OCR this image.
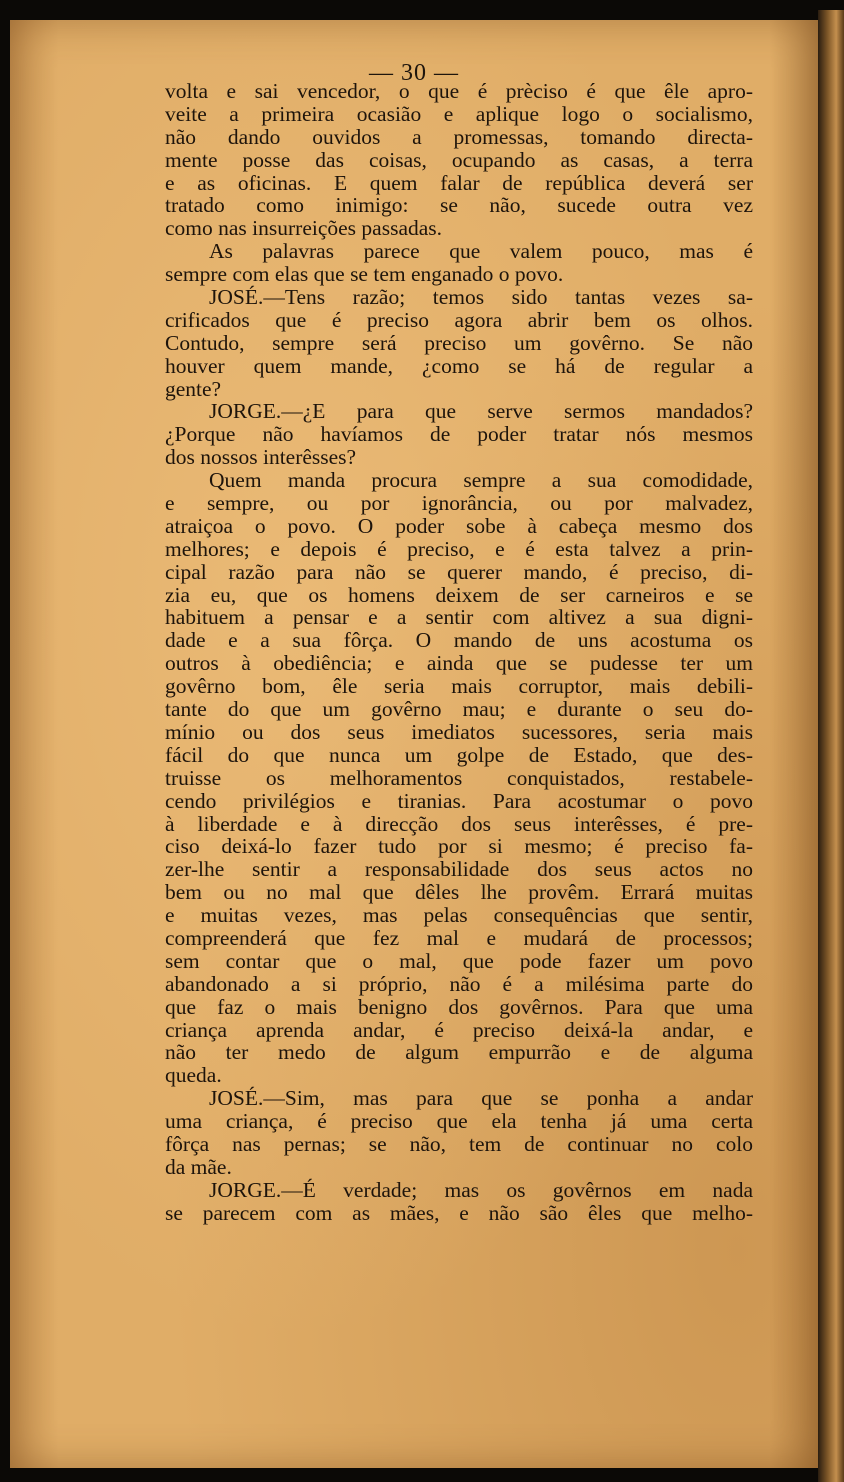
— 30 —
volta e sai vencedor, o que é prèciso é que êle apro-
veite a primeira ocasião e aplique logo o socialismo,
não dando ouvidos a promessas, tomando directa-
mente posse das coisas, ocupando as casas, a terra
e as oficinas. E quem falar de república deverá ser
tratado como inimigo: se não, sucede outra vez
como nas insurreições passadas.
As palavras parece que valem pouco, mas é
sempre com elas que se tem enganado o povo.
JOSÉ.—Tens razão; temos sido tantas vezes sa-
crificados que é preciso agora abrir bem os olhos.
Contudo, sempre será preciso um govêrno. Se não
houver quem mande, ¿como se há de regular a
gente?
JORGE.—¿E para que serve sermos mandados?
¿Porque não havíamos de poder tratar nós mesmos
dos nossos interêsses?
Quem manda procura sempre a sua comodidade,
e sempre, ou por ignorância, ou por malvadez,
atraiçoa o povo. O poder sobe à cabeça mesmo dos
melhores; e depois é preciso, e é esta talvez a prin-
cipal razão para não se querer mando, é preciso, di-
zia eu, que os homens deixem de ser carneiros e se
habituem a pensar e a sentir com altivez a sua digni-
dade e a sua fôrça. O mando de uns acostuma os
outros à obediência; e ainda que se pudesse ter um
govêrno bom, êle seria mais corruptor, mais debili-
tante do que um govêrno mau; e durante o seu do-
mínio ou dos seus imediatos sucessores, seria mais
fácil do que nunca um golpe de Estado, que des-
truisse os melhoramentos conquistados, restabele-
cendo privilégios e tiranias. Para acostumar o povo
à liberdade e à direcção dos seus interêsses, é pre-
ciso deixá-lo fazer tudo por si mesmo; é preciso fa-
zer-lhe sentir a responsabilidade dos seus actos no
bem ou no mal que dêles lhe provêm. Errará muitas
e muitas vezes, mas pelas consequências que sentir,
compreenderá que fez mal e mudará de processos;
sem contar que o mal, que pode fazer um povo
abandonado a si próprio, não é a milésima parte do
que faz o mais benigno dos govêrnos. Para que uma
criança aprenda andar, é preciso deixá-la andar, e
não ter medo de algum empurrão e de alguma
queda.
JOSÉ.—Sim, mas para que se ponha a andar
uma criança, é preciso que ela tenha já uma certa
fôrça nas pernas; se não, tem de continuar no colo
da mãe.
JORGE.—É verdade; mas os govêrnos em nada
se parecem com as mães, e não são êles que melho-
